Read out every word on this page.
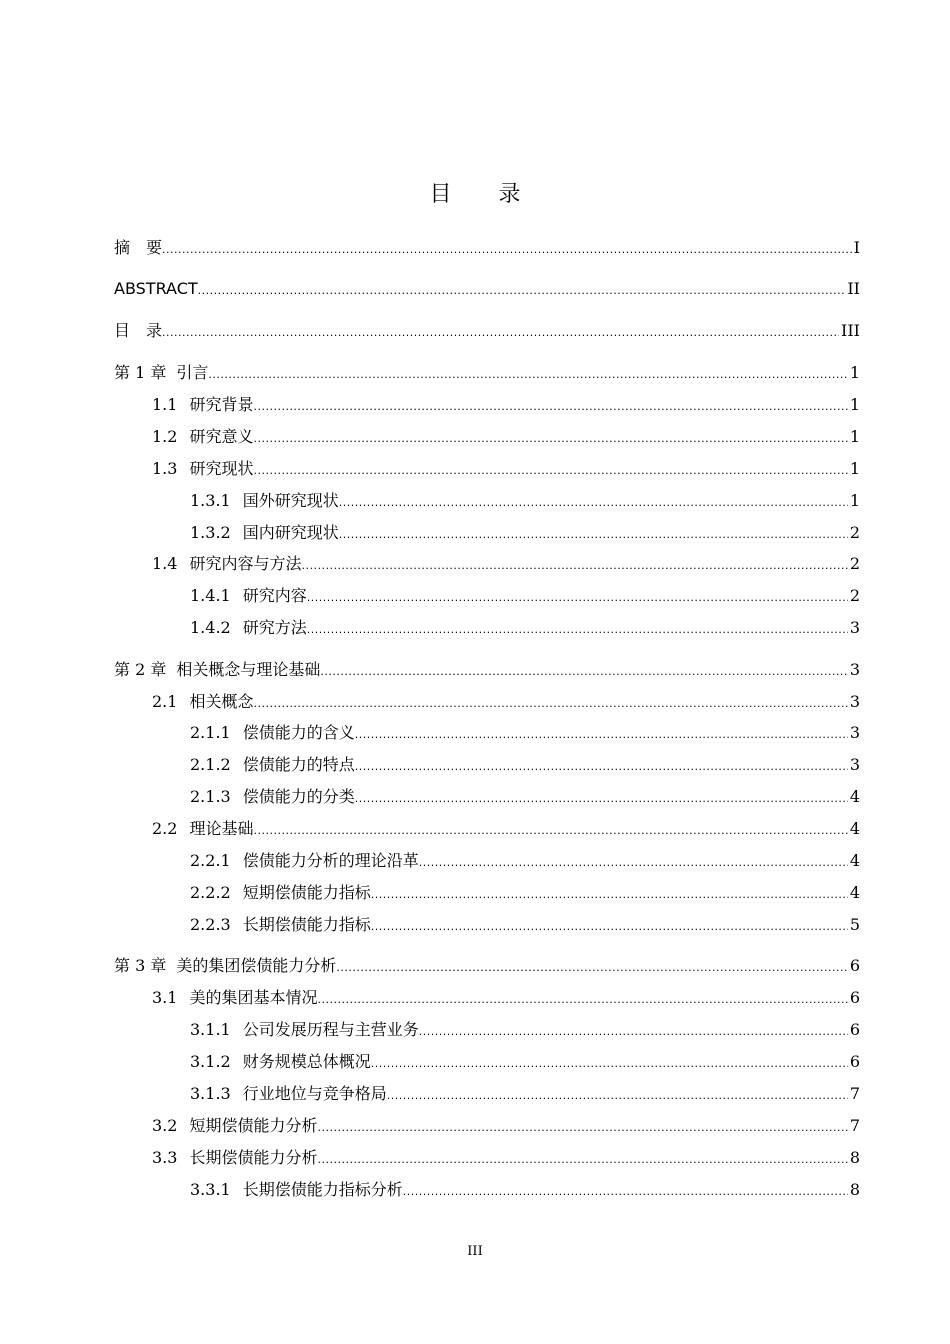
目 录
摘　要 .....	I
ABSTRACT .....	II
目　录 .....	III
第 1 章 引言 .....	1
1.1 研究背景 .....	1
1.2 研究意义 .....	1
1.3 研究现状 .....	1
1.3.1 国外研究现状 .....	1
1.3.2 国内研究现状 .....	2
1.4 研究内容与方法 .....	2
1.4.1 研究内容 .....	2
1.4.2 研究方法 .....	3
第 2 章 相关概念与理论基础 .....	3
2.1 相关概念 .....	3
2.1.1 偿债能力的含义 .....	3
2.1.2 偿债能力的特点 .....	3
2.1.3 偿债能力的分类 .....	4
2.2 理论基础 .....	4
2.2.1 偿债能力分析的理论沿革 .....	4
2.2.2 短期偿债能力指标 .....	4
2.2.3 长期偿债能力指标 .....	5
第 3 章 美的集团偿债能力分析 .....	6
3.1 美的集团基本情况 .....	6
3.1.1 公司发展历程与主营业务 .....	6
3.1.2 财务规模总体概况 .....	6
3.1.3 行业地位与竞争格局 .....	7
3.2 短期偿债能力分析 .....	7
3.3 长期偿债能力分析 .....	8
3.3.1 长期偿债能力指标分析 .....	8
III
